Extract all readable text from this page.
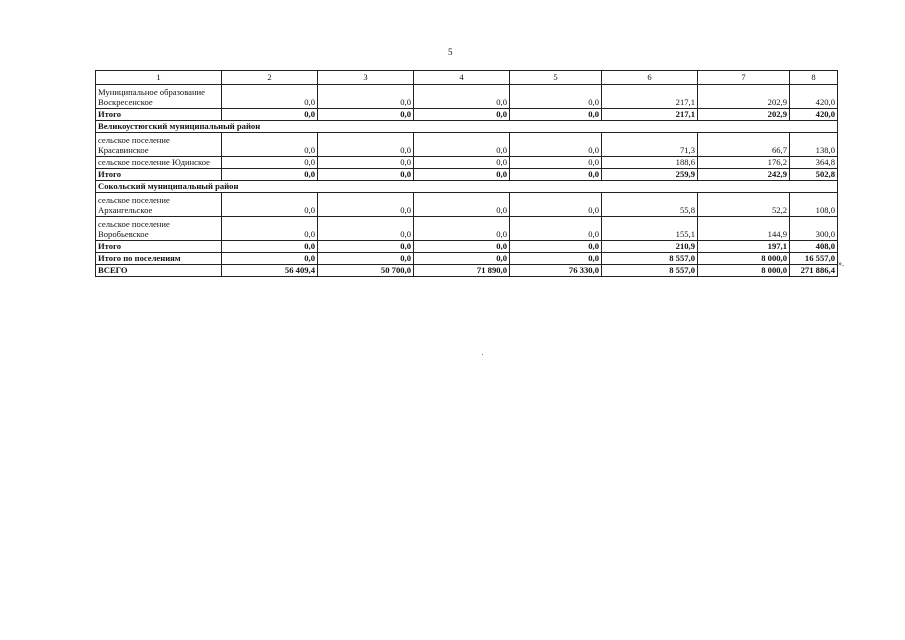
5
1	2	3	4	5	6	7	8
Муниципальное образование Воскресенское	0,0	0,0	0,0	0,0	217,1	202,9	420,0
Итого	0,0	0,0	0,0	0,0	217,1	202,9	420,0
Великоустюгский муниципальный район							
сельское поселение Красавинское	0,0	0,0	0,0	0,0	71,3	66,7	138,0
сельское поселение Юдинское	0,0	0,0	0,0	0,0	188,6	176,2	364,8
Итого	0,0	0,0	0,0	0,0	259,9	242,9	502,8
Сокольский муниципальный район							
сельское поселение Архангельское	0,0	0,0	0,0	0,0	55,8	52,2	108,0
сельское поселение Воробьевское	0,0	0,0	0,0	0,0	155,1	144,9	300,0
Итого	0,0	0,0	0,0	0,0	210,9	197,1	408,0
Итого по поселениям	0,0	0,0	0,0	0,0	8 557,0	8 000,0	16 557,0
ВСЕГО	56 409,4	50 700,0	71 890,0	76 330,0	8 557,0	8 000,0	271 886,4
».
